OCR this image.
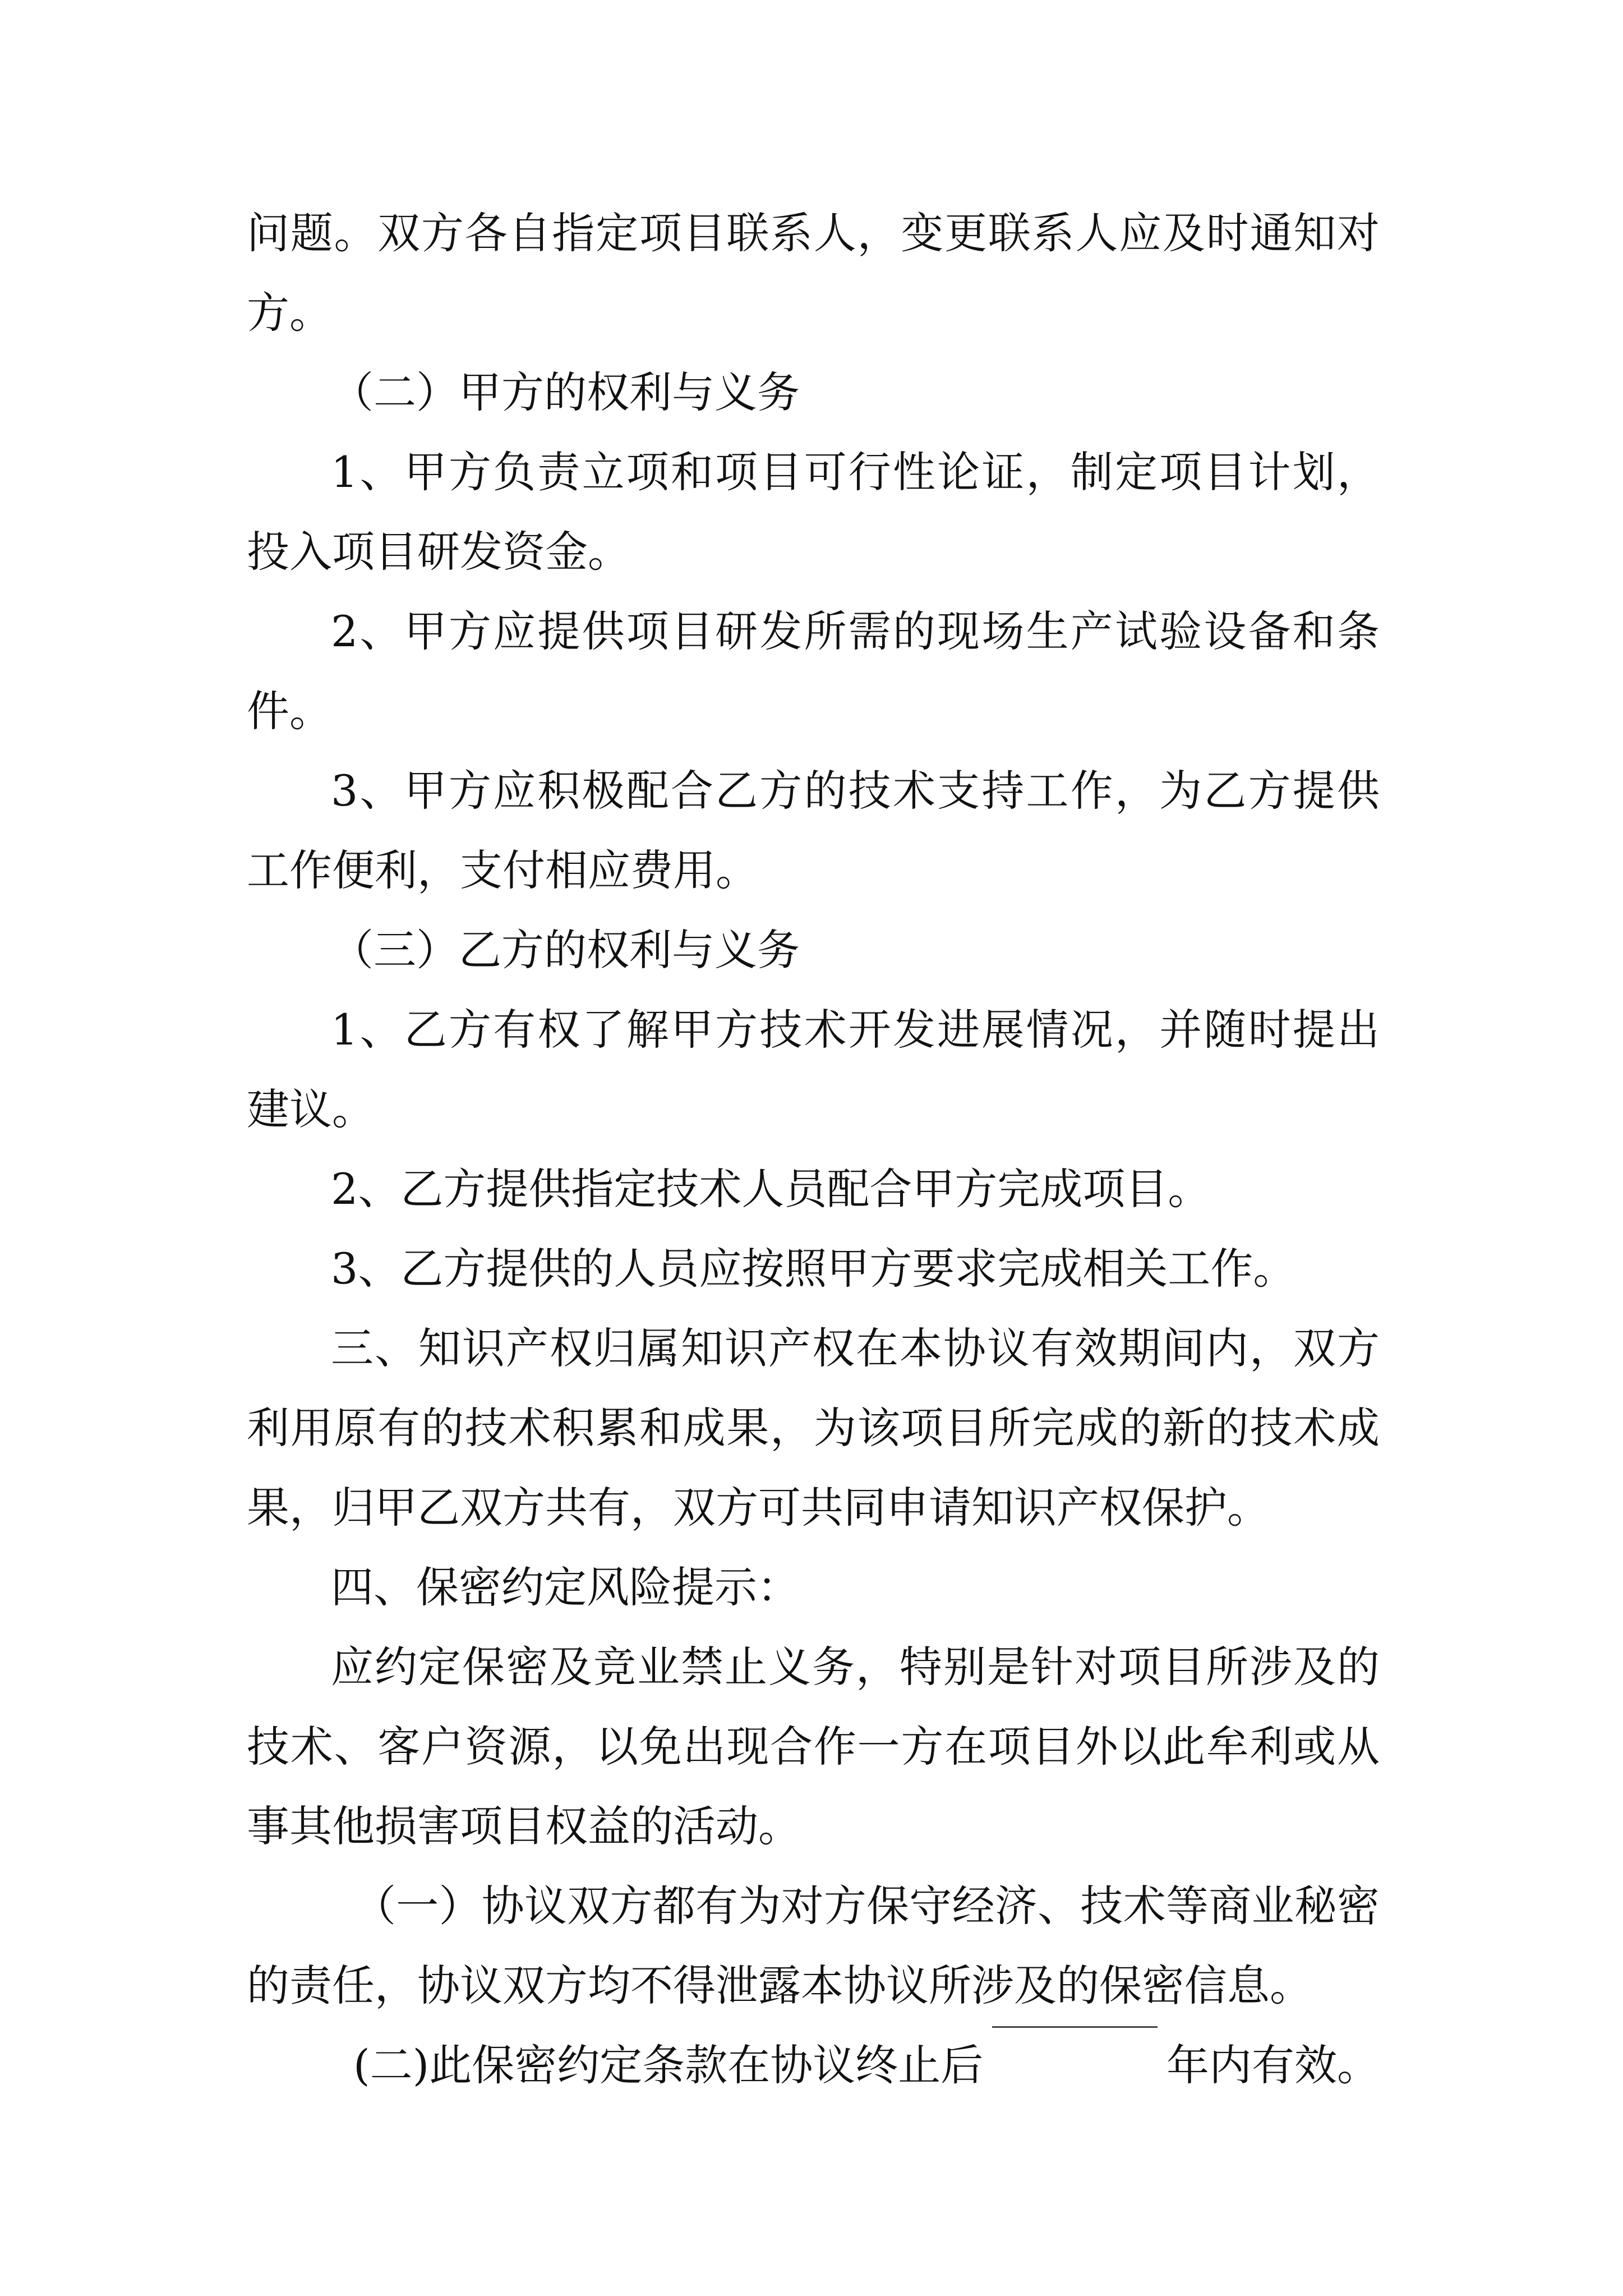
问题。双方各自指定项目联系人，变更联系人应及时通知对
方。
（二）甲方的权利与义务
1、甲方负责立项和项目可行性论证，制定项目计划，
投入项目研发资金。
2、甲方应提供项目研发所需的现场生产试验设备和条
件。
3、甲方应积极配合乙方的技术支持工作，为乙方提供
工作便利，支付相应费用。
（三）乙方的权利与义务
1、乙方有权了解甲方技术开发进展情况，并随时提出
建议。
2、乙方提供指定技术人员配合甲方完成项目。
3、乙方提供的人员应按照甲方要求完成相关工作。
三、知识产权归属知识产权在本协议有效期间内，双方
利用原有的技术积累和成果，为该项目所完成的新的技术成
果，归甲乙双方共有，双方可共同申请知识产权保护。
四、保密约定风险提示：
应约定保密及竞业禁止义务，特别是针对项目所涉及的
技术、客户资源，以免出现合作一方在项目外以此牟利或从
事其他损害项目权益的活动。
（一）协议双方都有为对方保守经济、技术等商业秘密
的责任，协议双方均不得泄露本协议所涉及的保密信息。
(二)此保密约定条款在协议终止后	年内有效。
